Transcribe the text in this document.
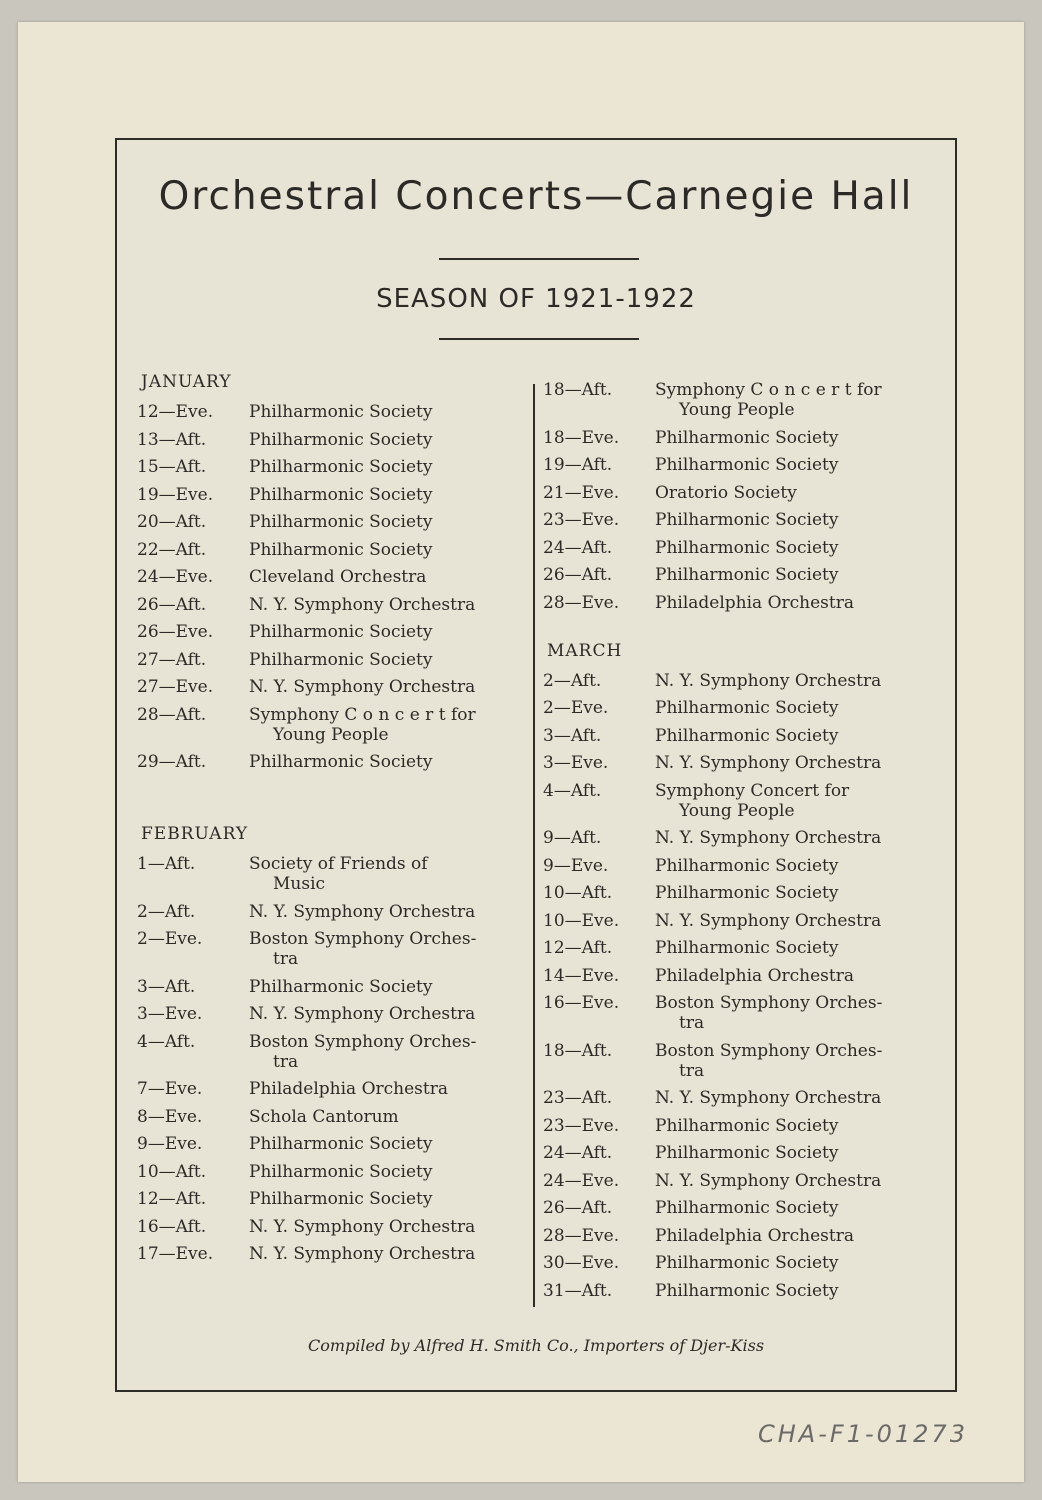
Orchestral Concerts—Carnegie Hall
SEASON OF 1921-1922
JANUARY
12—Eve.	Philharmonic Society
13—Aft.	Philharmonic Society
15—Aft.	Philharmonic Society
19—Eve.	Philharmonic Society
20—Aft.	Philharmonic Society
22—Aft.	Philharmonic Society
24—Eve.	Cleveland Orchestra
26—Aft.	N. Y. Symphony Orchestra
26—Eve.	Philharmonic Society
27—Aft.	Philharmonic Society
27—Eve.	N. Y. Symphony Orchestra
28—Aft.	Symphony C o n c e r t for
Young People
29—Aft.	Philharmonic Society
FEBRUARY
1—Aft.	Society of Friends of
Music
2—Aft.	N. Y. Symphony Orchestra
2—Eve.	Boston Symphony Orches-
tra
3—Aft.	Philharmonic Society
3—Eve.	N. Y. Symphony Orchestra
4—Aft.	Boston Symphony Orches-
tra
7—Eve.	Philadelphia Orchestra
8—Eve.	Schola Cantorum
9—Eve.	Philharmonic Society
10—Aft.	Philharmonic Society
12—Aft.	Philharmonic Society
16—Aft.	N. Y. Symphony Orchestra
17—Eve.	N. Y. Symphony Orchestra
18—Aft.	Symphony C o n c e r t for
Young People
18—Eve.	Philharmonic Society
19—Aft.	Philharmonic Society
21—Eve.	Oratorio Society
23—Eve.	Philharmonic Society
24—Aft.	Philharmonic Society
26—Aft.	Philharmonic Society
28—Eve.	Philadelphia Orchestra
MARCH
2—Aft.	N. Y. Symphony Orchestra
2—Eve.	Philharmonic Society
3—Aft.	Philharmonic Society
3—Eve.	N. Y. Symphony Orchestra
4—Aft.	Symphony Concert for
Young People
9—Aft.	N. Y. Symphony Orchestra
9—Eve.	Philharmonic Society
10—Aft.	Philharmonic Society
10—Eve.	N. Y. Symphony Orchestra
12—Aft.	Philharmonic Society
14—Eve.	Philadelphia Orchestra
16—Eve.	Boston Symphony Orches-
tra
18—Aft.	Boston Symphony Orches-
tra
23—Aft.	N. Y. Symphony Orchestra
23—Eve.	Philharmonic Society
24—Aft.	Philharmonic Society
24—Eve.	N. Y. Symphony Orchestra
26—Aft.	Philharmonic Society
28—Eve.	Philadelphia Orchestra
30—Eve.	Philharmonic Society
31—Aft.	Philharmonic Society
Compiled by Alfred H. Smith Co., Importers of Djer-Kiss
CHA-F1-01273
